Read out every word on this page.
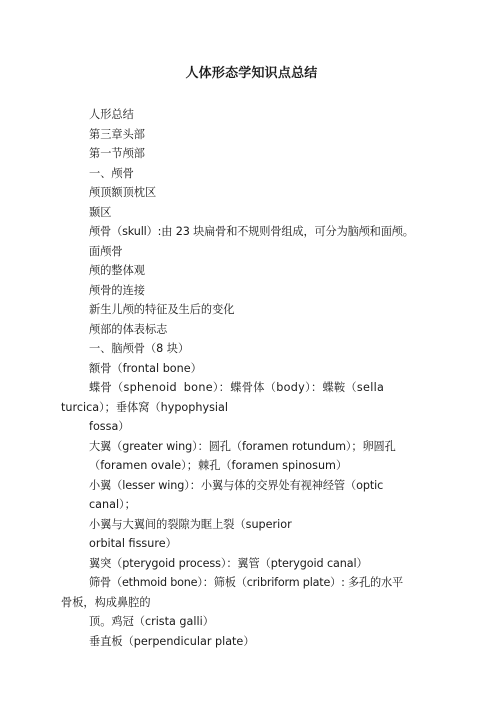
人体形态学知识点总结
人形总结
第三章头部
第一节颅部
一、颅骨
颅顶额顶枕区
颞区
颅骨（skull）:由 23 块扁骨和不规则骨组成，可分为脑颅和面颅。
面颅骨
颅的整体观
颅骨的连接
新生儿颅的特征及生后的变化
颅部的体表标志
一、脑颅骨（8 块）
额骨（frontal bone）
蝶骨（sphenoid bone）：蝶骨体（body）：蝶鞍（sella
turcica）；垂体窝（hypophysial
fossa）
大翼（greater wing）：圆孔（foramen rotundum）；卵圆孔
（foramen ovale）；棘孔（foramen spinosum）
小翼（lesser wing）：小翼与体的交界处有视神经管（optic
canal）；
小翼与大翼间的裂隙为眶上裂（superior
orbital fissure）
翼突（pterygoid process）：翼管（pterygoid canal）
筛骨（ethmoid bone）：筛板（cribriform plate）: 多孔的水平
骨板，构成鼻腔的
顶。鸡冠（crista galli）
垂直板（perpendicular plate）
